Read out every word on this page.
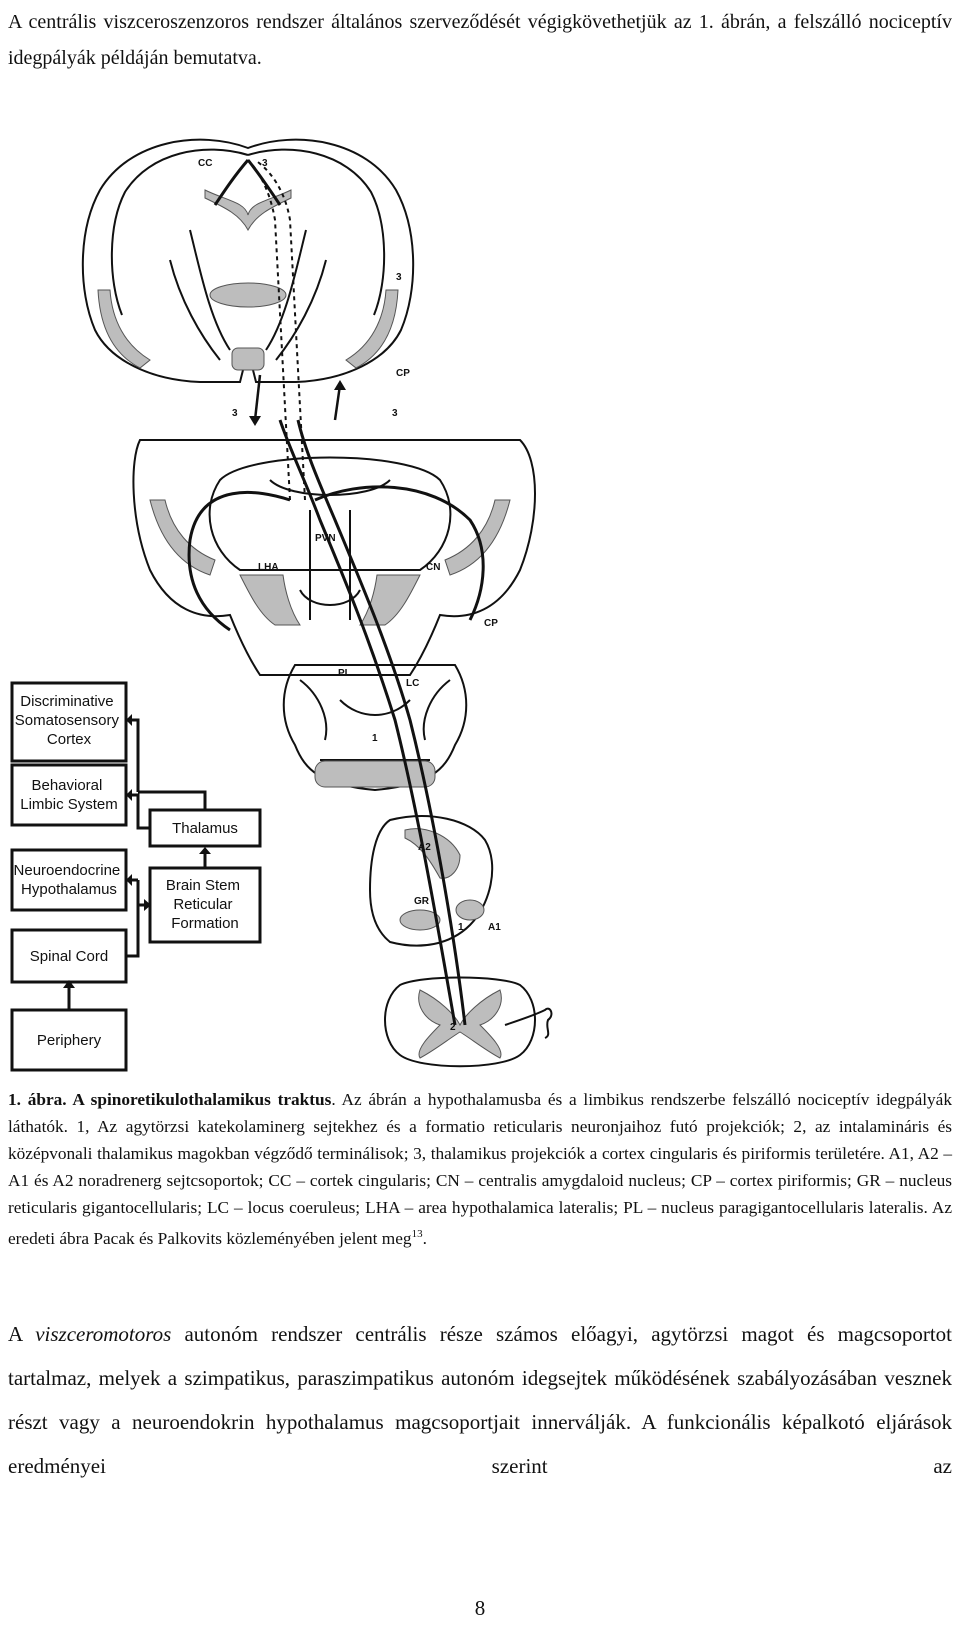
A centrális viszceroszenzoros rendszer általános szerveződését végigkövethetjük az 1. ábrán, a felszálló nociceptív idegpályák példáján bemutatva.
Discriminative Somatosensory Cortex
Behavioral Limbic System
Thalamus
Neuroendocrine Hypothalamus	Brain Stem Reticular Formation
Spinal Cord
Periphery
CC	3
3
CP
3	3
PVN
LHA	CN
CP
PL
LC
1
A2
GR
1 A1
2
1. ábra. A spinoretikulothalamikus traktus. Az ábrán a hypothalamusba és a limbikus rendszerbe felszálló nociceptív idegpályák láthatók. 1, Az agytörzsi katekolaminerg sejtekhez és a formatio reticularis neuronjaihoz futó projekciók; 2, az intalamináris és középvonali thalamikus magokban végződő terminálisok; 3, thalamikus projekciók a cortex cingularis és piriformis területére. A1, A2 – A1 és A2 noradrenerg sejtcsoportok; CC – cortek cingularis; CN – centralis amygdaloid nucleus; CP – cortex piriformis; GR – nucleus reticularis gigantocellularis; LC – locus coeruleus; LHA – area hypothalamica lateralis; PL – nucleus paragigantocellularis lateralis. Az eredeti ábra Pacak és Palkovits közleményében jelent meg$^{13}$.
A viszceromotoros autonóm rendszer centrális része számos előagyi, agytörzsi magot és magcsoportot tartalmaz, melyek a szimpatikus, paraszimpatikus autonóm idegsejtek működésének szabályozásában vesznek részt vagy a neuroendokrin hypothalamus magcsoportjait innerválják. A funkcionális képalkotó eljárások eredményei szerint az
8
